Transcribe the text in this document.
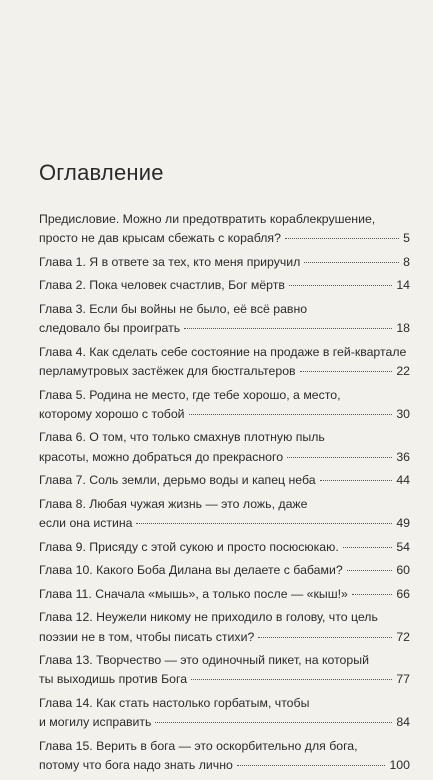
Оглавление
Предисловие. Можно ли предотвратить кораблекрушение,
просто не дав крысам сбежать с корабля?	5
Глава 1. Я в ответе за тех, кто меня приручил	8
Глава 2. Пока человек счастлив, Бог мёртв	14
Глава 3. Если бы войны не было, её всё равно
следовало бы проиграть	18
Глава 4. Как сделать себе состояние на продаже в гей-квартале
перламутровых застёжек для бюстгальтеров	22
Глава 5. Родина не место, где тебе хорошо, а место,
которому хорошо с тобой	30
Глава 6. О том, что только смахнув плотную пыль
красоты, можно добраться до прекрасного	36
Глава 7. Соль земли, дерьмо воды и капец неба	44
Глава 8. Любая чужая жизнь — это ложь, даже
если она истина	49
Глава 9. Присяду с этой сукою и просто посюсюкаю.	54
Глава 10. Какого Боба Дилана вы делаете с бабами?	60
Глава 11. Сначала «мышь», а только после — «кыш!»	66
Глава 12. Неужели никому не приходило в голову, что цель
поэзии не в том, чтобы писать стихи?	72
Глава 13. Творчество — это одиночный пикет, на который
ты выходишь против Бога	77
Глава 14. Как стать настолько горбатым, чтобы
и могилу исправить	84
Глава 15. Верить в бога — это оскорбительно для бога,
потому что бога надо знать лично	100
